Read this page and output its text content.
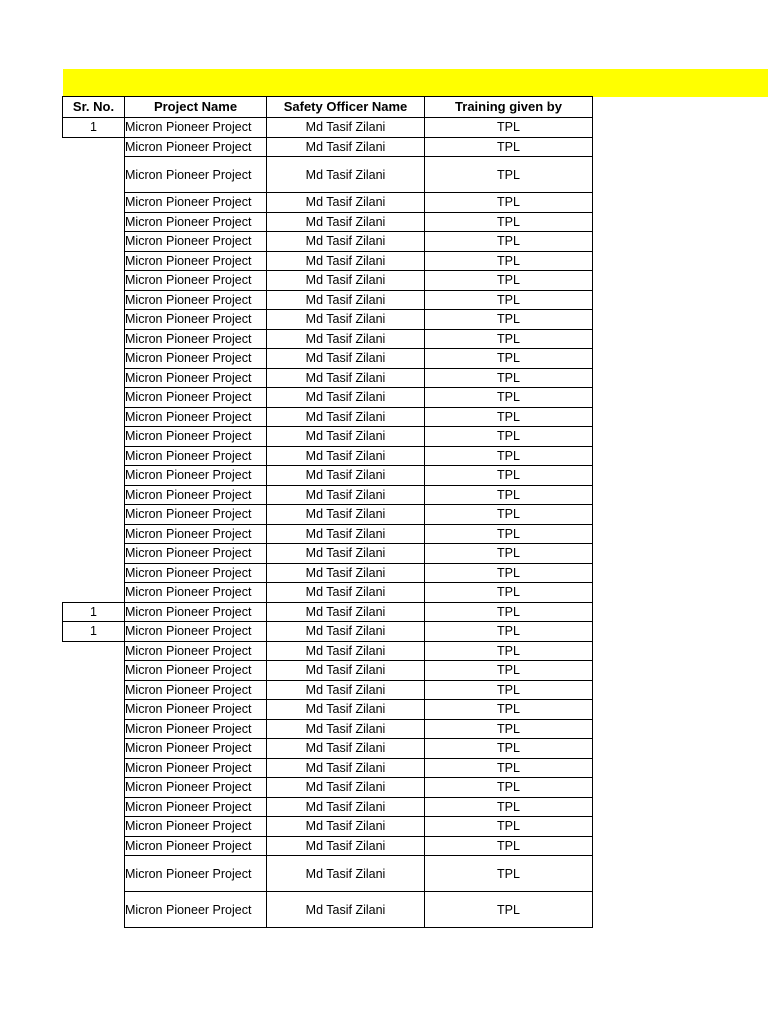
Sr. No.	Project Name	Safety Officer Name	Training given by
1	Micron Pioneer Project	Md Tasif Zilani	TPL
	Micron Pioneer Project	Md Tasif Zilani	TPL
	Micron Pioneer Project	Md Tasif Zilani	TPL
	Micron Pioneer Project	Md Tasif Zilani	TPL
	Micron Pioneer Project	Md Tasif Zilani	TPL
	Micron Pioneer Project	Md Tasif Zilani	TPL
	Micron Pioneer Project	Md Tasif Zilani	TPL
	Micron Pioneer Project	Md Tasif Zilani	TPL
	Micron Pioneer Project	Md Tasif Zilani	TPL
	Micron Pioneer Project	Md Tasif Zilani	TPL
	Micron Pioneer Project	Md Tasif Zilani	TPL
	Micron Pioneer Project	Md Tasif Zilani	TPL
	Micron Pioneer Project	Md Tasif Zilani	TPL
	Micron Pioneer Project	Md Tasif Zilani	TPL
	Micron Pioneer Project	Md Tasif Zilani	TPL
	Micron Pioneer Project	Md Tasif Zilani	TPL
	Micron Pioneer Project	Md Tasif Zilani	TPL
	Micron Pioneer Project	Md Tasif Zilani	TPL
	Micron Pioneer Project	Md Tasif Zilani	TPL
	Micron Pioneer Project	Md Tasif Zilani	TPL
	Micron Pioneer Project	Md Tasif Zilani	TPL
	Micron Pioneer Project	Md Tasif Zilani	TPL
	Micron Pioneer Project	Md Tasif Zilani	TPL
	Micron Pioneer Project	Md Tasif Zilani	TPL
1	Micron Pioneer Project	Md Tasif Zilani	TPL
1	Micron Pioneer Project	Md Tasif Zilani	TPL
	Micron Pioneer Project	Md Tasif Zilani	TPL
	Micron Pioneer Project	Md Tasif Zilani	TPL
	Micron Pioneer Project	Md Tasif Zilani	TPL
	Micron Pioneer Project	Md Tasif Zilani	TPL
	Micron Pioneer Project	Md Tasif Zilani	TPL
	Micron Pioneer Project	Md Tasif Zilani	TPL
	Micron Pioneer Project	Md Tasif Zilani	TPL
	Micron Pioneer Project	Md Tasif Zilani	TPL
	Micron Pioneer Project	Md Tasif Zilani	TPL
	Micron Pioneer Project	Md Tasif Zilani	TPL
	Micron Pioneer Project	Md Tasif Zilani	TPL
	Micron Pioneer Project	Md Tasif Zilani	TPL
	Micron Pioneer Project	Md Tasif Zilani	TPL
